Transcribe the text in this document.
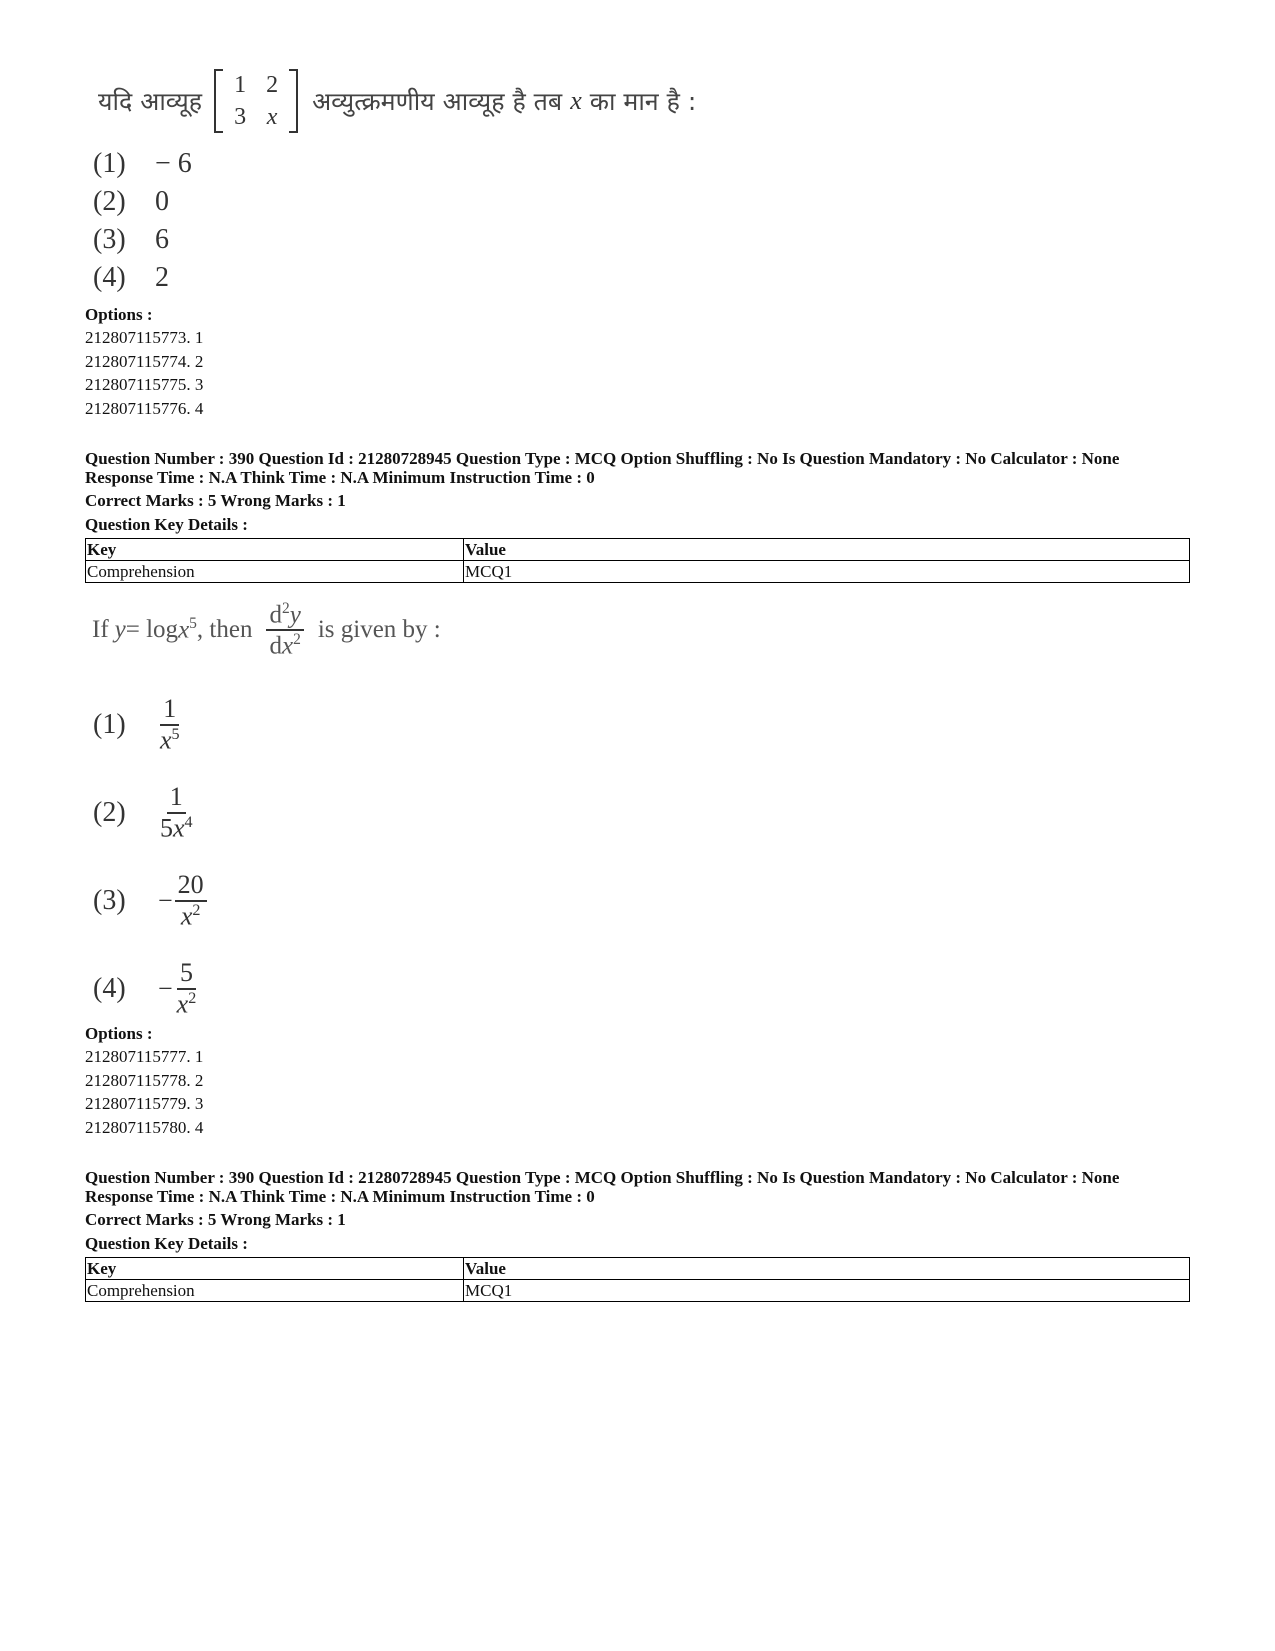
यदि आव्यूह
1	2
3	x
अव्युत्क्रमणीय आव्यूह है तब x का मान है :
(1) − 6
(2) 0
(3) 6
(4) 2
Options :
212807115773. 1
212807115774. 2
212807115775. 3
212807115776. 4
Question Number : 390 Question Id : 21280728945 Question Type : MCQ Option Shuffling : No Is Question Mandatory : No Calculator : None
Response Time : N.A Think Time : N.A Minimum Instruction Time : 0
Correct Marks : 5 Wrong Marks : 1
Question Key Details :
Key	Value
Comprehension	MCQ1
If $y = \log x^5$ , then $\frac{d^2y}{dx^2}$ is given by :
(1)	$\frac{1}{x^5}$
(2)	$\frac{1}{5x^4}$
(3)	− $\frac{20}{x^2}$
(4)	− $\frac{5}{x^2}$
Options :
212807115777. 1
212807115778. 2
212807115779. 3
212807115780. 4
Question Number : 390 Question Id : 21280728945 Question Type : MCQ Option Shuffling : No Is Question Mandatory : No Calculator : None
Response Time : N.A Think Time : N.A Minimum Instruction Time : 0
Correct Marks : 5 Wrong Marks : 1
Question Key Details :
Key	Value
Comprehension	MCQ1
